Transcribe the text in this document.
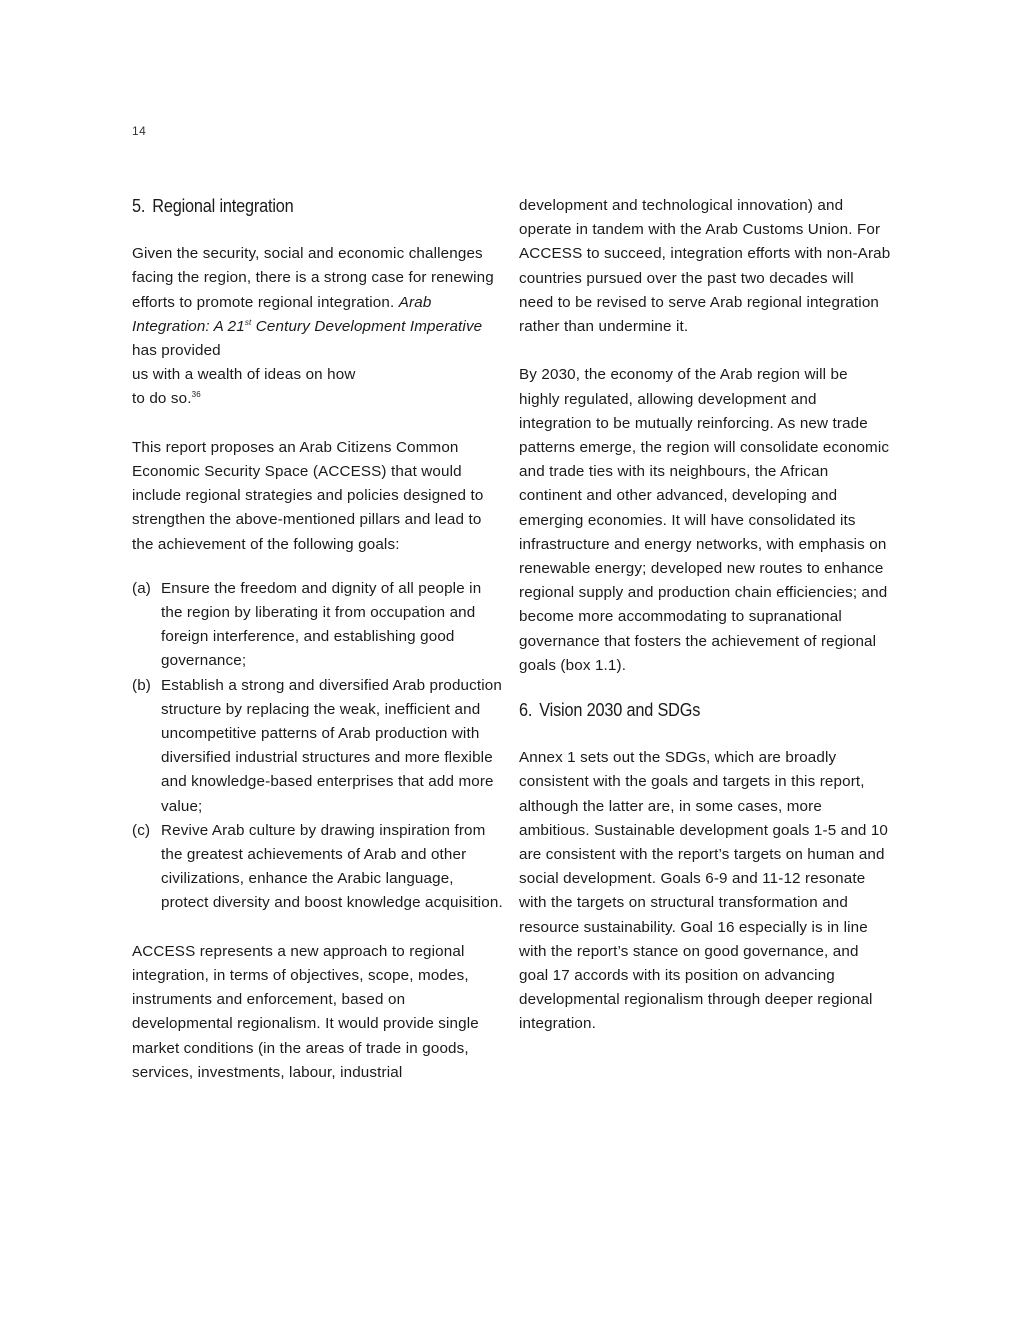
14
5. Regional integration

Given the security, social and economic challenges facing the region, there is a strong case for renewing efforts to promote regional integration. Arab Integration: A 21st Century Development Imperative has provided
us with a wealth of ideas on how
to do so.$^{36}$

This report proposes an Arab Citizens Common Economic Security Space (ACCESS) that would include regional strategies and policies designed to strengthen the above-mentioned pillars and lead to the achievement of the following goals:

(a) Ensure the freedom and dignity of all people in the region by liberating it from occupation and foreign interference, and establishing good governance;
(b) Establish a strong and diversified Arab production structure by replacing the weak, inefficient and uncompetitive patterns of Arab production with diversified industrial structures and more flexible and knowledge-based enterprises that add more value;
(c) Revive Arab culture by drawing inspiration from the greatest achievements of Arab and other civilizations, enhance the Arabic language, protect diversity and boost knowledge acquisition.

ACCESS represents a new approach to regional integration, in terms of objectives, scope, modes, instruments and enforcement, based on developmental regionalism. It would provide single market conditions (in the areas of trade in goods, services, investments, labour, industrial

development and technological innovation) and operate in tandem with the Arab Customs Union. For ACCESS to succeed, integration efforts with non-Arab countries pursued over the past two decades will need to be revised to serve Arab regional integration rather than undermine it.

By 2030, the economy of the Arab region will be highly regulated, allowing development and integration to be mutually reinforcing. As new trade patterns emerge, the region will consolidate economic and trade ties with its neighbours, the African continent and other advanced, developing and emerging economies. It will have consolidated its infrastructure and energy networks, with emphasis on renewable energy; developed new routes to enhance regional supply and production chain efficiencies; and become more accommodating to supranational governance that fosters the achievement of regional goals (box 1.1).

6. Vision 2030 and SDGs

Annex 1 sets out the SDGs, which are broadly consistent with the goals and targets in this report, although the latter are, in some cases, more ambitious. Sustainable development goals 1-5 and 10 are consistent with the report’s targets on human and social development. Goals 6-9 and 11-12 resonate with the targets on structural transformation and resource sustainability. Goal 16 especially is in line with the report’s stance on good governance, and goal 17 accords with its position on advancing developmental regionalism through deeper regional integration.
